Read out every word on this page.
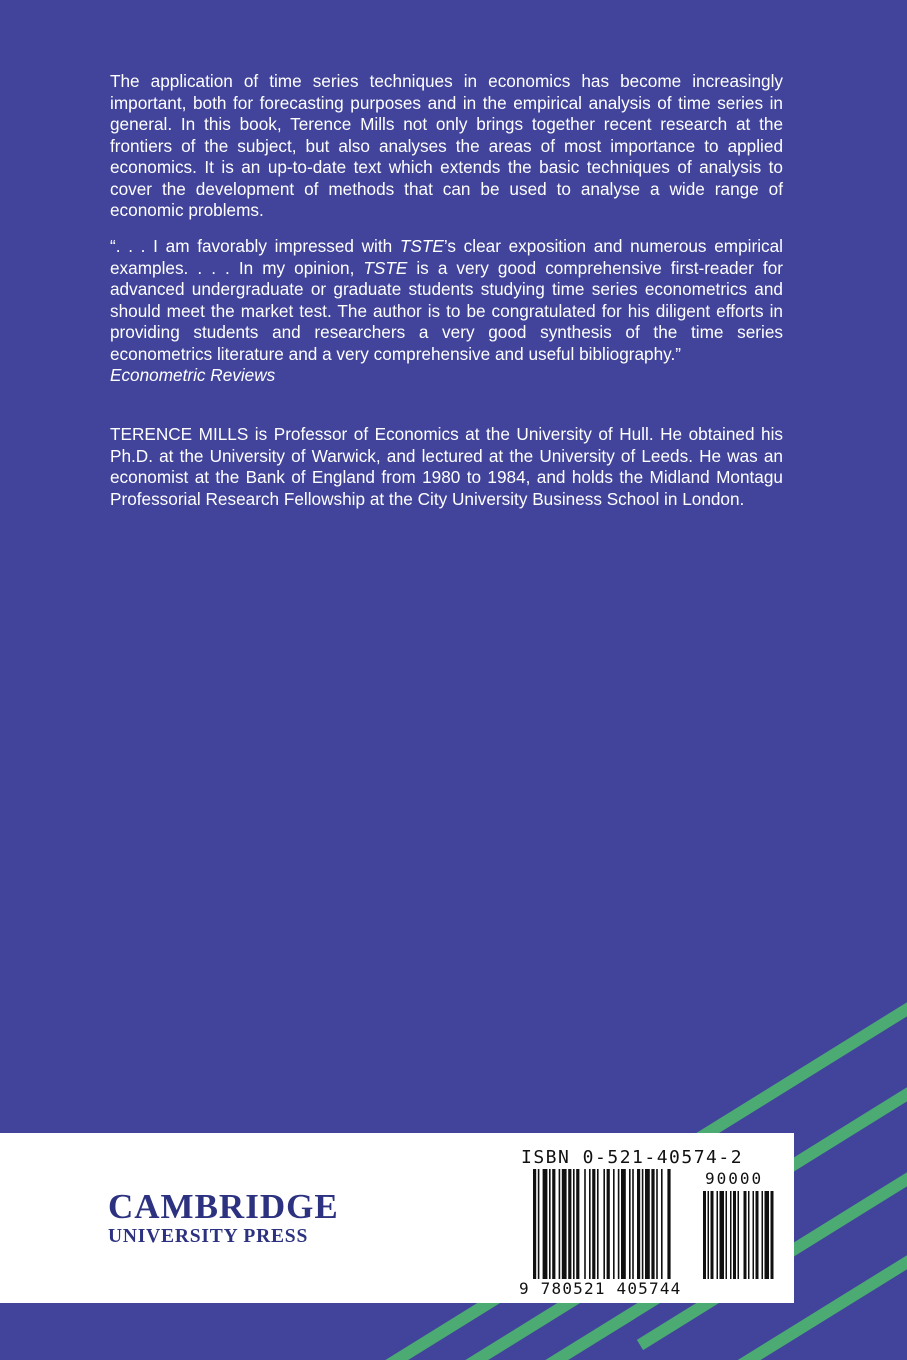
The application of time series techniques in economics has become increasingly important, both for forecasting purposes and in the empirical analysis of time series in general. In this book, Terence Mills not only brings together recent research at the frontiers of the subject, but also analyses the areas of most importance to applied economics. It is an up-to-date text which extends the basic techniques of analysis to cover the development of methods that can be used to analyse a wide range of economic problems.

“. . . I am favorably impressed with TSTE’s clear exposition and numerous empirical examples. . . . In my opinion, TSTE is a very good comprehensive first-reader for advanced undergraduate or graduate students studying time series econometrics and should meet the market test. The author is to be congratulated for his diligent efforts in providing students and researchers a very good synthesis of the time series econometrics literature and a very comprehensive and useful bibliography.”
Econometric Reviews

TERENCE MILLS is Professor of Economics at the University of Hull. He obtained his Ph.D. at the University of Warwick, and lectured at the University of Leeds. He was an economist at the Bank of England from 1980 to 1984, and holds the Midland Montagu Professorial Research Fellowship at the City University Business School in London.

CAMBRIDGE
UNIVERSITY PRESS
ISBN 0-521-40574-2
90000
9 780521 405744
